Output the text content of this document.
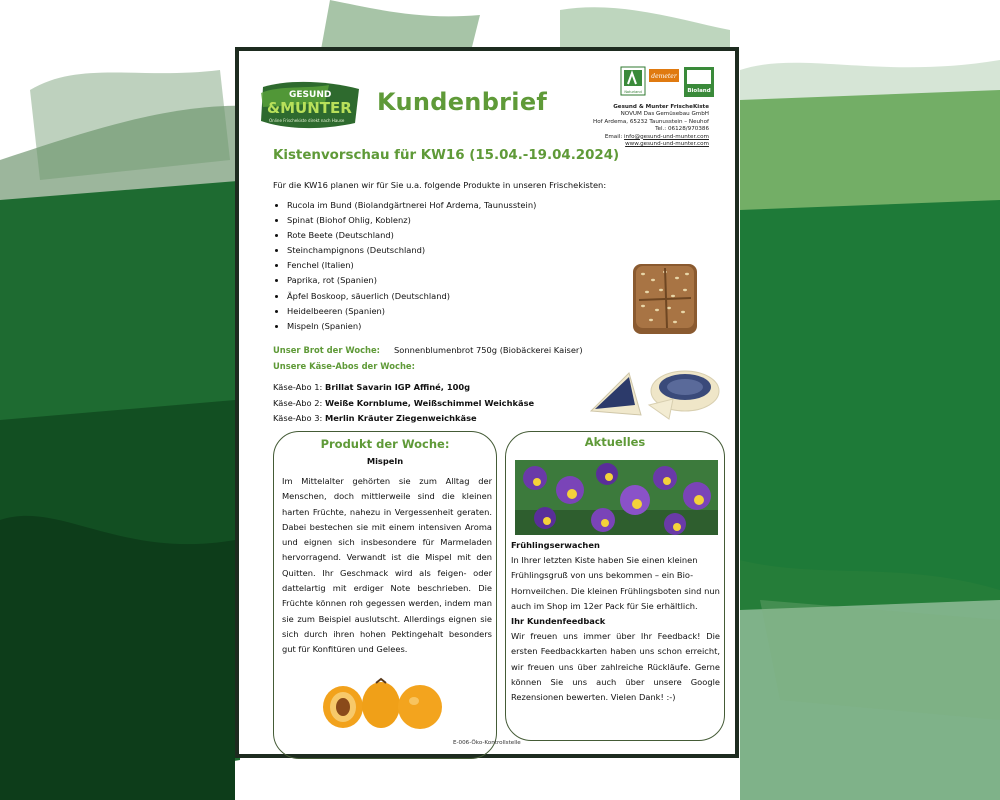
GESUND
&MUNTER
Online Frischekiste direkt nach Hause
Kundenbrief	Naturland
demeter
Bioland
Gesund & Munter FrischeKiste
NOVUM Das Gemüsebau GmbH
Hof Ardema, 65232 Taunusstein – Neuhof
Tel.: 06128/970386
Email: info@gesund-und-munter.com
www.gesund-und-munter.com
Kistenvorschau für KW16 (15.04.-19.04.2024)
Für die KW16 planen wir für Sie u.a. folgende Produkte in unseren Frischekisten:
• Rucola im Bund (Biolandgärtnerei Hof Ardema, Taunusstein)
• Spinat (Biohof Ohlig, Koblenz)
• Rote Beete (Deutschland)
• Steinchampignons (Deutschland)
• Fenchel (Italien)
• Paprika, rot (Spanien)
• Äpfel Boskoop, säuerlich (Deutschland)
• Heidelbeeren (Spanien)
• Mispeln (Spanien)
Unser Brot der Woche: Sonnenblumenbrot 750g (Biobäckerei Kaiser)
Unsere Käse-Abos der Woche:
Käse-Abo 1: Brillat Savarin IGP Affiné, 100g
Käse-Abo 2: Weiße Kornblume, Weißschimmel Weichkäse
Käse-Abo 3: Merlin Kräuter Ziegenweichkäse
Produkt der Woche:
Mispeln
Im Mittelalter gehörten sie zum Alltag der Menschen, doch mittlerweile sind die kleinen harten Früchte, nahezu in Vergessenheit geraten. Dabei bestechen sie mit einem intensiven Aroma und eignen sich insbesondere für Marmeladen hervorragend. Verwandt ist die Mispel mit den Quitten. Ihr Geschmack wird als feigen- oder dattelartig mit erdiger Note beschrieben. Die Früchte können roh gegessen werden, indem man sie zum Beispiel auslutscht. Allerdings eignen sie sich durch ihren hohen Pektingehalt besonders gut für Konfitüren und Gelees.
Aktuelles
Frühlingserwachen
In Ihrer letzten Kiste haben Sie einen kleinen Frühlingsgruß von uns bekommen – ein Bio-Hornveilchen. Die kleinen Frühlingsboten sind nun auch im Shop im 12er Pack für Sie erhältlich.
Ihr Kundenfeedback
Wir freuen uns immer über Ihr Feedback! Die ersten Feedbackkarten haben uns schon erreicht, wir freuen uns über zahlreiche Rückläufe. Gerne können Sie uns auch über unsere Google Rezensionen bewerten. Vielen Dank! :-)
E-006-Öko-Kontrollstelle
